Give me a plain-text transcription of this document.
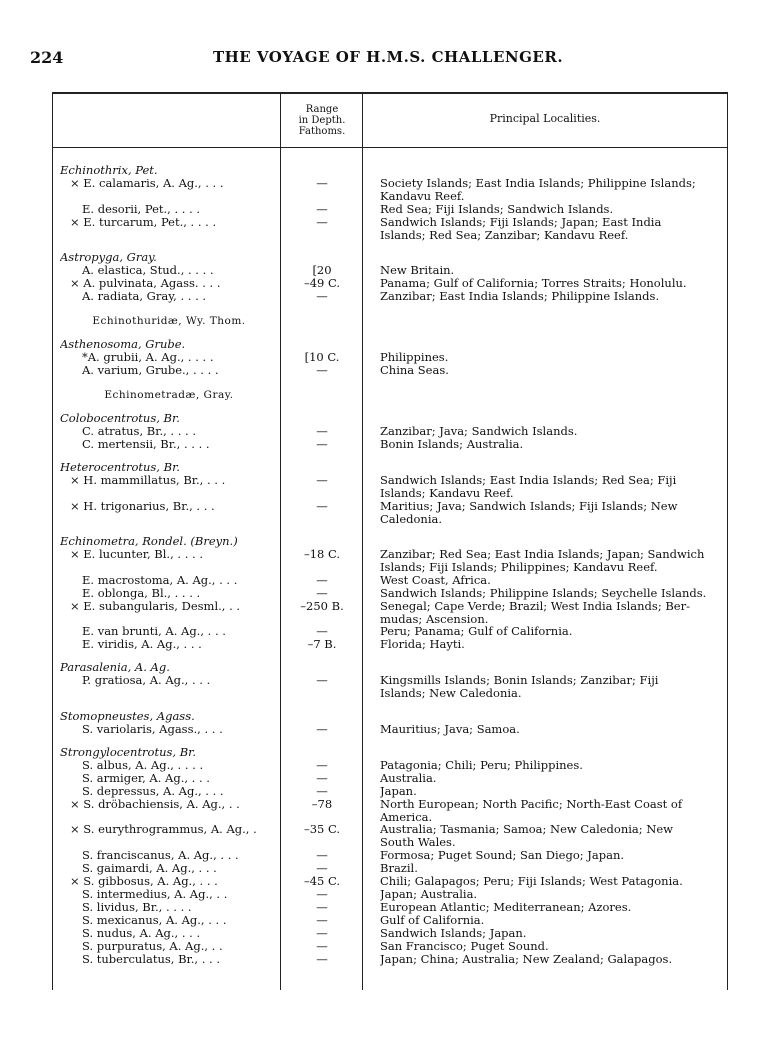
224	THE VOYAGE OF H.M.S. CHALLENGER.
Range
in Depth.
Fathoms.
Principal Localities.
Echinothrix, Pet.
× E. calamaris, A. Ag., . . .	—	Society Islands; East India Islands; Philippine Islands;
Kandavu Reef.
E. desorii, Pet., . . . .	—	Red Sea; Fiji Islands; Sandwich Islands.
× E. turcarum, Pet., . . . .	—	Sandwich Islands; Fiji Islands; Japan; East India
Islands; Red Sea; Zanzibar; Kandavu Reef.
Astropyga, Gray.
A. elastica, Stud., . . . .	[20	New Britain.
× A. pulvinata, Agass. . . .	–49 C.	Panama; Gulf of California; Torres Straits; Honolulu.
A. radiata, Gray, . . . .	—	Zanzibar; East India Islands; Philippine Islands.
Echinothuridæ, Wy. Thom.
Asthenosoma, Grube.
*A. grubii, A. Ag., . . . .	[10 C.	Philippines.
A. varium, Grube., . . . .	—	China Seas.
Echinometradæ, Gray.
Colobocentrotus, Br.
C. atratus, Br., . . . .	—	Zanzibar; Java; Sandwich Islands.
C. mertensii, Br., . . . .	—	Bonin Islands; Australia.
Heterocentrotus, Br.
× H. mammillatus, Br., . . .	—	Sandwich Islands; East India Islands; Red Sea; Fiji
Islands; Kandavu Reef.
× H. trigonarius, Br., . . .	—	Maritius; Java; Sandwich Islands; Fiji Islands; New
Caledonia.
Echinometra, Rondel. (Breyn.)
× E. lucunter, Bl., . . . .	–18 C.	Zanzibar; Red Sea; East India Islands; Japan; Sandwich
Islands; Fiji Islands; Philippines; Kandavu Reef.
E. macrostoma, A. Ag., . . .	—	West Coast, Africa.
E. oblonga, Bl., . . . .	—	Sandwich Islands; Philippine Islands; Seychelle Islands.
× E. subangularis, Desml., . .	–250 B.	Senegal; Cape Verde; Brazil; West India Islands; Ber-
mudas; Ascension.
E. van brunti, A. Ag., . . .	—	Peru; Panama; Gulf of California.
E. viridis, A. Ag., . . .	–7 B.	Florida; Hayti.
Parasalenia, A. Ag.
P. gratiosa, A. Ag., . . .	—	Kingsmills Islands; Bonin Islands; Zanzibar; Fiji
Islands; New Caledonia.
Stomopneustes, Agass.
S. variolaris, Agass., . . .	—	Mauritius; Java; Samoa.
Strongylocentrotus, Br.
S. albus, A. Ag., . . . .	—	Patagonia; Chili; Peru; Philippines.
S. armiger, A. Ag., . . .	—	Australia.
S. depressus, A. Ag., . . .	—	Japan.
× S. dröbachiensis, A. Ag., . .	–78	North European; North Pacific; North-East Coast of
America.
× S. eurythrogrammus, A. Ag., .	–35 C.	Australia; Tasmania; Samoa; New Caledonia; New
South Wales.
S. franciscanus, A. Ag., . . .	—	Formosa; Puget Sound; San Diego; Japan.
S. gaimardi, A. Ag., . . .	—	Brazil.
× S. gibbosus, A. Ag., . . .	–45 C.	Chili; Galapagos; Peru; Fiji Islands; West Patagonia.
S. intermedius, A. Ag., . .	—	Japan; Australia.
S. lividus, Br., . . . .	—	European Atlantic; Mediterranean; Azores.
S. mexicanus, A. Ag., . . .	—	Gulf of California.
S. nudus, A. Ag., . . .	—	Sandwich Islands; Japan.
S. purpuratus, A. Ag., . .	—	San Francisco; Puget Sound.
S. tuberculatus, Br., . . .	—	Japan; China; Australia; New Zealand; Galapagos.
